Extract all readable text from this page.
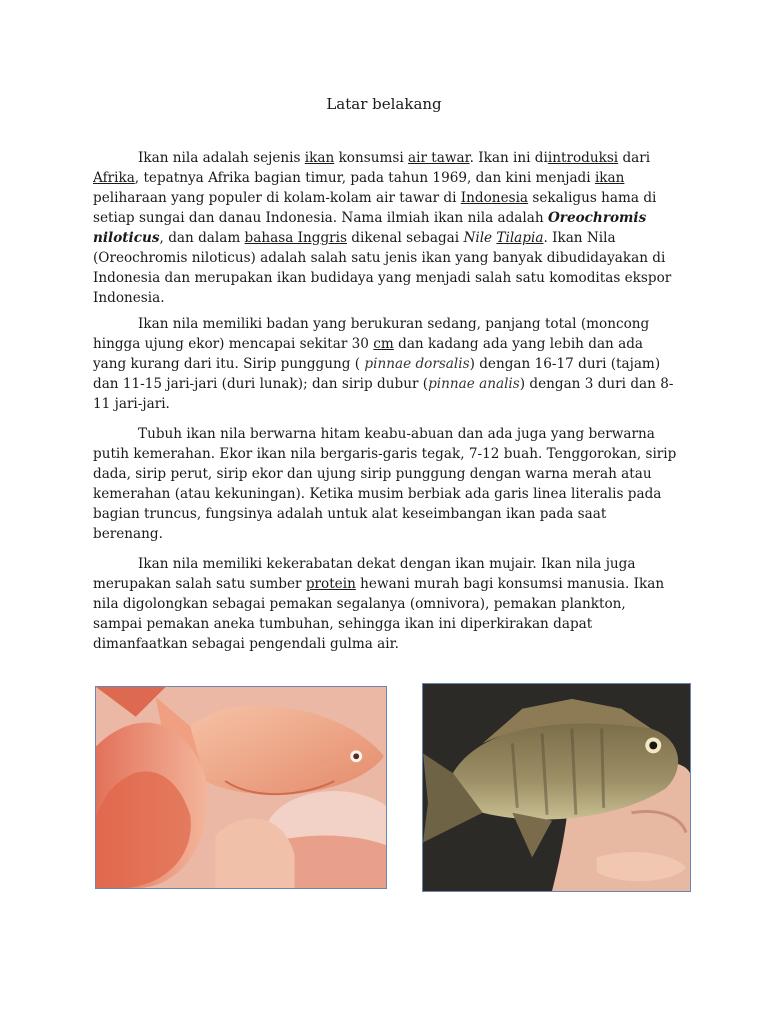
Latar belakang

Ikan nila adalah sejenis ikan konsumsi air tawar. Ikan ini diintroduksi dari Afrika, tepatnya Afrika bagian timur, pada tahun 1969, dan kini menjadi ikan peliharaan yang populer di kolam-kolam air tawar di Indonesia sekaligus hama di setiap sungai dan danau Indonesia. Nama ilmiah ikan nila adalah Oreochromis niloticus, dan dalam bahasa Inggris dikenal sebagai Nile Tilapia. Ikan Nila (Oreochromis niloticus) adalah salah satu jenis ikan yang banyak dibudidayakan di Indonesia dan merupakan ikan budidaya yang menjadi salah satu komoditas ekspor Indonesia.

Ikan nila memiliki badan yang berukuran sedang, panjang total (moncong hingga ujung ekor) mencapai sekitar 30 cm dan kadang ada yang lebih dan ada yang kurang dari itu. Sirip punggung ( pinnae dorsalis) dengan 16-17 duri (tajam) dan 11-15 jari-jari (duri lunak); dan sirip dubur (pinnae analis) dengan 3 duri dan 8-11 jari-jari.

Tubuh ikan nila berwarna hitam keabu-abuan dan ada juga yang berwarna putih kemerahan. Ekor ikan nila bergaris-garis tegak, 7-12 buah. Tenggorokan, sirip dada, sirip perut, sirip ekor dan ujung sirip punggung dengan warna merah atau kemerahan (atau kekuningan). Ketika musim berbiak ada garis linea literalis pada bagian truncus, fungsinya adalah untuk alat keseimbangan ikan pada saat berenang.

Ikan nila memiliki kekerabatan dekat dengan ikan mujair. Ikan nila juga merupakan salah satu sumber protein hewani murah bagi konsumsi manusia. Ikan nila digolongkan sebagai pemakan segalanya (omnivora), pemakan plankton, sampai pemakan aneka tumbuhan, sehingga ikan ini diperkirakan dapat dimanfaatkan sebagai pengendali gulma air.
